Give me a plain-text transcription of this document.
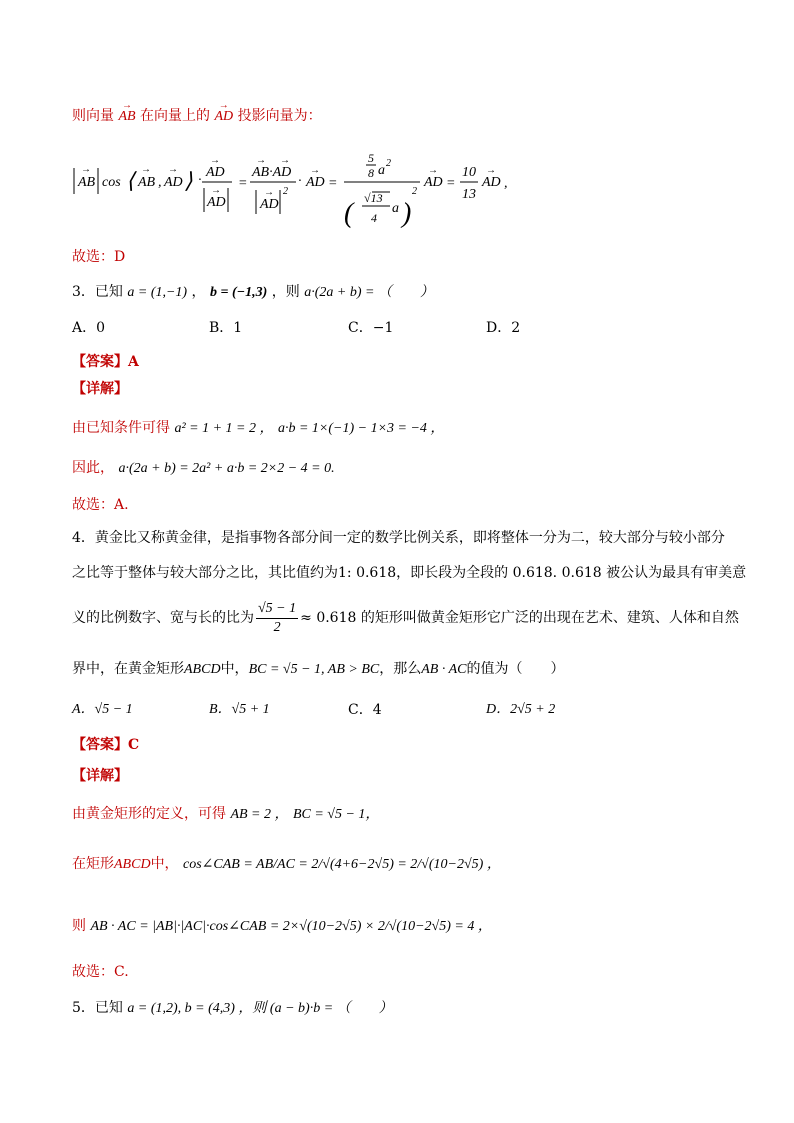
则向量 → AB 在向量上的 → AD 投影向量为：
AB
→
cos ⟨ AB
→
, AD
→ ⟩ ·
AD
→
AD
→ =
AB·AD
→ →
AD
→ 2
· AD
→
=
5
8 a 2
( √13
4
a )
2
AD
→
=
10
13
AD
→
,
故选：D
3．已知 a = (1,−1) ， b = (−1,3) ，则 a·(2a + b) = （　　）
A．0	B．1	C．−1	D．2
【答案】A
【详解】
由已知条件可得 a² = 1 + 1 = 2 ， a·b = 1×(−1) − 1×3 = −4 ，
因此， a·(2a + b) = 2a² + a·b = 2×2 − 4 = 0.
故选：A.
4．黄金比又称黄金律，是指事物各部分间一定的数学比例关系，即将整体一分为二，较大部分与较小部分
之比等于整体与较大部分之比，其比值约为1: 0.618，即长段为全段的 0.618. 0.618 被公认为最具有审美意
义的比例数字、宽与长的比为 $\frac{√5 - 1}{2} \approx 0.618$ 的矩形叫做黄金矩形它广泛的出现在艺术、建筑、人体和自然
界中，在黄金矩形ABCD中，BC = √5 − 1, AB > BC，那么AB · AC的值为（　　）
A．√5 − 1	B．√5 + 1	C．4	D．2√5 + 2
【答案】C
【详解】
由黄金矩形的定义，可得 AB = 2 ， BC = √5 − 1，
在矩形ABCD中， cos∠CAB = AB/AC = 2/√(4+6−2√5) = 2/√(10−2√5) ，
则 AB · AC = |AB|·|AC|·cos∠CAB = 2×√(10−2√5) × 2/√(10−2√5) = 4 ，
故选：C.
5．已知 a = (1,2), b = (4,3) ，则 (a − b)·b = （　　）
